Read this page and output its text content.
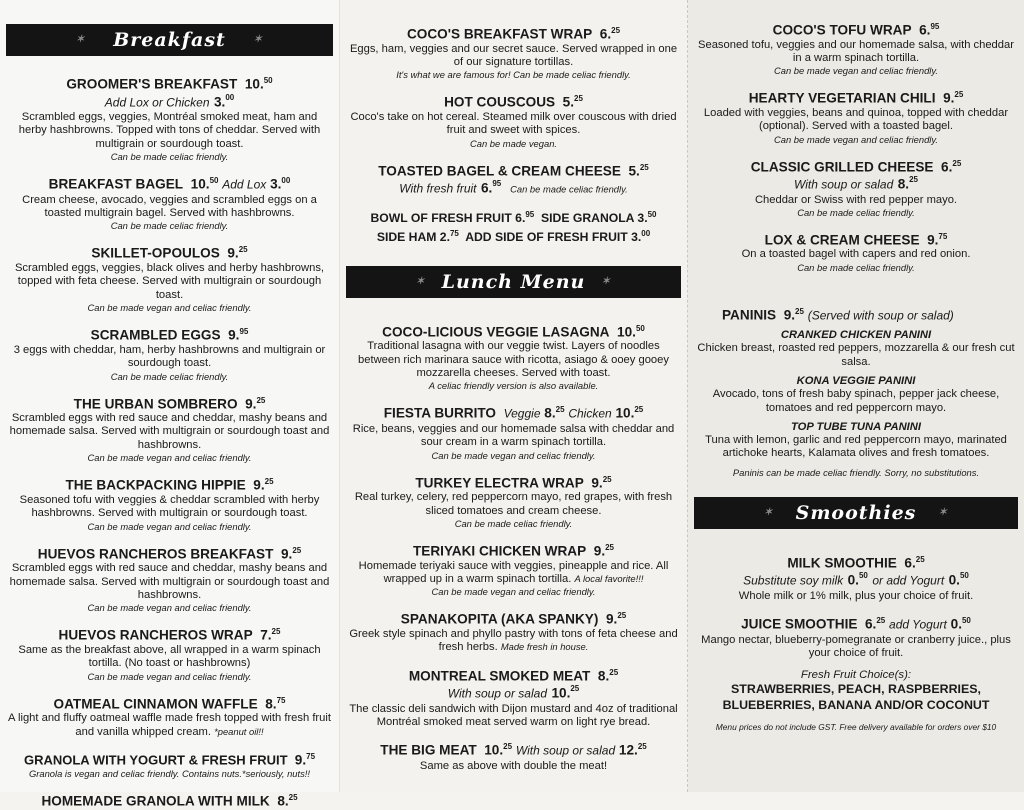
✶ Breakfast ✶
GROOMER'S BREAKFAST 10.50
Add Lox or Chicken 3.00
Scrambled eggs, veggies, Montréal smoked meat, ham and herby hashbrowns. Topped with tons of cheddar. Served with multigrain or sourdough toast.
Can be made celiac friendly.
BREAKFAST BAGEL 10.50 Add Lox 3.00
Cream cheese, avocado, veggies and scrambled eggs on a toasted multigrain bagel. Served with hashbrowns.
Can be made celiac friendly.
SKILLET-OPOULOS 9.25
Scrambled eggs, veggies, black olives and herby hashbrowns, topped with feta cheese. Served with multigrain or sourdough toast.
Can be made vegan and celiac friendly.
SCRAMBLED EGGS 9.95
3 eggs with cheddar, ham, herby hashbrowns and multigrain or sourdough toast.
Can be made celiac friendly.
THE URBAN SOMBRERO 9.25
Scrambled eggs with red sauce and cheddar, mashy beans and homemade salsa. Served with multigrain or sourdough toast and hashbrowns.
Can be made vegan and celiac friendly.
THE BACKPACKING HIPPIE 9.25
Seasoned tofu with veggies & cheddar scrambled with herby hashbrowns. Served with multigrain or sourdough toast.
Can be made vegan and celiac friendly.
HUEVOS RANCHEROS BREAKFAST 9.25
Scrambled eggs with red sauce and cheddar, mashy beans and homemade salsa. Served with multigrain or sourdough toast and hashbrowns.
Can be made vegan and celiac friendly.
HUEVOS RANCHEROS WRAP 7.25
Same as the breakfast above, all wrapped in a warm spinach tortilla. (No toast or hashbrowns)
Can be made vegan and celiac friendly.
OATMEAL CINNAMON WAFFLE 8.75
A light and fluffy oatmeal waffle made fresh topped with fresh fruit and vanilla whipped cream. *peanut oil!!
GRANOLA WITH YOGURT & FRESH FRUIT 9.75
Granola is vegan and celiac friendly. Contains nuts.*seriously, nuts!!
HOMEMADE GRANOLA WITH MILK 8.25
COCO'S BREAKFAST WRAP 6.25
Eggs, ham, veggies and our secret sauce. Served wrapped in one of our signature tortillas.
It's what we are famous for! Can be made celiac friendly.
HOT COUSCOUS 5.25
Coco's take on hot cereal. Steamed milk over couscous with dried fruit and sweet with spices.
Can be made vegan.
TOASTED BAGEL & CREAM CHEESE 5.25
With fresh fruit 6.95 Can be made celiac friendly.
BOWL OF FRESH FRUIT 6.95 SIDE GRANOLA 3.50
SIDE HAM 2.75 ADD SIDE OF FRESH FRUIT 3.00
✶ Lunch Menu ✶
COCO-LICIOUS VEGGIE LASAGNA 10.50
Traditional lasagna with our veggie twist. Layers of noodles between rich marinara sauce with ricotta, asiago & ooey gooey mozzarella cheeses. Served with toast.
A celiac friendly version is also available.
FIESTA BURRITO Veggie 8.25 Chicken 10.25
Rice, beans, veggies and our homemade salsa with cheddar and sour cream in a warm spinach tortilla.
Can be made vegan and celiac friendly.
TURKEY ELECTRA WRAP 9.25
Real turkey, celery, red peppercorn mayo, red grapes, with fresh sliced tomatoes and cream cheese.
Can be made celiac friendly.
TERIYAKI CHICKEN WRAP 9.25
Homemade teriyaki sauce with veggies, pineapple and rice. All wrapped up in a warm spinach tortilla. A local favorite!!!
Can be made vegan and celiac friendly.
SPANAKOPITA (AKA SPANKY) 9.25
Greek style spinach and phyllo pastry with tons of feta cheese and fresh herbs. Made fresh in house.
MONTREAL SMOKED MEAT 8.25
With soup or salad 10.25
The classic deli sandwich with Dijon mustard and 4oz of traditional Montréal smoked meat served warm on light rye bread.
THE BIG MEAT 10.25 With soup or salad 12.25
Same as above with double the meat!
COCO'S TOFU WRAP 6.95
Seasoned tofu, veggies and our homemade salsa, with cheddar in a warm spinach tortilla.
Can be made vegan and celiac friendly.
HEARTY VEGETARIAN CHILI 9.25
Loaded with veggies, beans and quinoa, topped with cheddar (optional). Served with a toasted bagel.
Can be made vegan and celiac friendly.
CLASSIC GRILLED CHEESE 6.25
With soup or salad 8.25
Cheddar or Swiss with red pepper mayo.
Can be made celiac friendly.
LOX & CREAM CHEESE 9.75
On a toasted bagel with capers and red onion.
Can be made celiac friendly.
PANINIS 9.25 (Served with soup or salad)
CRANKED CHICKEN PANINI
Chicken breast, roasted red peppers, mozzarella & our fresh cut salsa.
KONA VEGGIE PANINI
Avocado, tons of fresh baby spinach, pepper jack cheese, tomatoes and red peppercorn mayo.
TOP TUBE TUNA PANINI
Tuna with lemon, garlic and red peppercorn mayo, marinated artichoke hearts, Kalamata olives and fresh tomatoes.
Paninis can be made celiac friendly. Sorry, no substitutions.
✶ Smoothies ✶
MILK SMOOTHIE 6.25
Substitute soy milk 0.50 or add Yogurt 0.50
Whole milk or 1% milk, plus your choice of fruit.
JUICE SMOOTHIE 6.25 add Yogurt 0.50
Mango nectar, blueberry-pomegranate or cranberry juice., plus your choice of fruit.
Fresh Fruit Choice(s):
STRAWBERRIES, PEACH, RASPBERRIES,
BLUEBERRIES, BANANA AND/OR COCONUT
Menu prices do not include GST. Free delivery available for orders over $10
